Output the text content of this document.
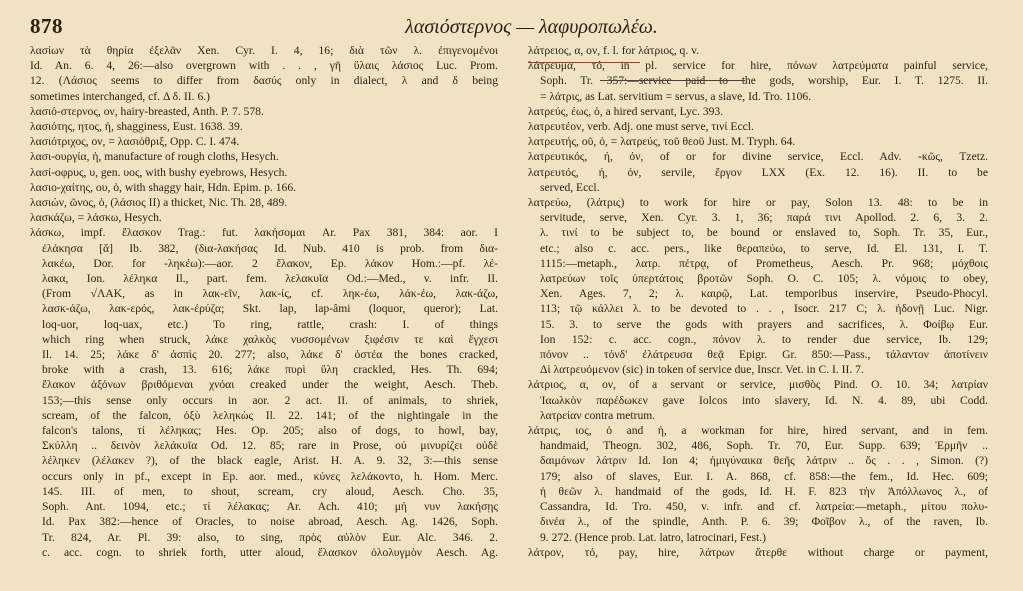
878	λασιόστερνος — λαφυροπωλέω.
λασίων τὰ θηρία ἐξελᾶν Xen. Cyr. I. 4, 16; διὰ τῶν λ. ἐπιγενομένοι
Id. An. 6. 4, 26:—also overgrown with . . , γῆ ὕλαις λάσιος Luc. Prom.
12. (Λάσιος seems to differ from δασύς only in dialect, λ and δ being
sometimes interchanged, cf. Δ δ. II. 6.)
λασιό-στερνος, ον, hairy-breasted, Anth. P. 7. 578.
λασιότης, ητος, ἡ, shagginess, Eust. 1638. 39.
λασιότριχος, ον, = λασιόθριξ, Opp. C. I. 474.
λασι-ουργία, ἡ, manufacture of rough cloths, Hesych.
λασί-οφρυς, υ, gen. υος, with bushy eyebrows, Hesych.
λασιο-χαίτης, ου, ὁ, with shaggy hair, Hdn. Epim. p. 166.
λασιών, ῶνος, ὁ, (λάσιος II) a thicket, Nic. Th. 28, 489.
λασκάζω, = λάσκω, Hesych.
λάσκω, impf. ἔλασκον Trag.: fut. λακήσομαι Ar. Pax 381, 384: aor. I
ἐλάκησα [ᾰ] Ib. 382, (δια-λακήσας Id. Nub. 410 is prob. from δια-
λακέω, Dor. for -ληκέω):—aor. 2 ἔλακον, Ep. λάκον Hom.:—pf. λέ-
λακα, Ion. λέληκα Il., part. fem. λελακυῖα Od.:—Med., v. infr. II.
(From √ΛΑΚ, as in λακ-εῖν, λακ-ίς, cf. ληκ-έω, λάκ-έω, λακ-άζω,
λασκ-άζω, λακ-ερός, λακ-έρύζα; Skt. lap, lap-âmi (loquor, queror); Lat.
loq-uor, loq-uax, etc.) To ring, rattle, crash: I. of things
which ring when struck, λάκε χαλκὸς νυσσομένων ξιφέσιν τε καὶ ἔγχεσι
Il. 14. 25; λάκε δ' ἀσπὶς 20. 277; also, λάκε δ' ὀστέα the bones cracked,
broke with a crash, 13. 616; λάκε πυρὶ ὕλη crackled, Hes. Th. 694;
ἔλακον ἀξόνων βριθόμεναι χνόαι creaked under the weight, Aesch. Theb.
153;—this sense only occurs in aor. 2 act. II. of animals, to shriek,
scream, of the falcon, ὀξὺ λεληκὼς Il. 22. 141; of the nightingale in the
falcon's talons, τί λέληκας; Hes. Op. 205; also of dogs, to howl, bay,
Σκύλλη .. δεινὸν λελάκυῖα Od. 12. 85; rare in Prose, οὐ μινυρίζει οὐδὲ
λέληκεν (λέλακεν ?), of the black eagle, Arist. H. A. 9. 32, 3:—this sense
occurs only in pf., except in Ep. aor. med., κύνες λελάκοντο, h. Hom. Merc.
145. III. of men, to shout, scream, cry aloud, Aesch. Cho. 35,
Soph. Ant. 1094, etc.; τί λέλακας; Ar. Ach. 410; μή νυν λακήσῃς
Id. Pax 382:—hence of Oracles, to noise abroad, Aesch. Ag. 1426, Soph.
Tr. 824, Ar. Pl. 39: also, to sing, πρὸς αὐλὸν Eur. Alc. 346. 2.
c. acc. cogn. to shriek forth, utter aloud, ἔλασκον ὀλολυγμὸν Aesch. Ag.
λάτρειος, α, ον, f. l. for λάτριος, q. v.
λάτρευμα, τό, in pl. service for hire, πόνων λατρεύματα painful service,
Soph. Tr. 357:—service paid to the gods, worship, Eur. I. T. 1275. II.
= λάτρις, as Lat. servitium = servus, a slave, Id. Tro. 1106.
λατρεύς, έως, ὁ, a hired servant, Lyc. 393.
λατρευτέον, verb. Adj. one must serve, τινί Eccl.
λατρευτής, οῦ, ὁ, = λατρεύς, τοῦ θεοῦ Just. M. Tryph. 64.
λατρευτικός, ή, όν, of or for divine service, Eccl. Adv. -κῶς, Tzetz.
λατρευτός, ή, όν, servile, ἔργον LXX (Ex. 12. 16). II. to be
served, Eccl.
λατρεύω, (λάτρις) to work for hire or pay, Solon 13. 48: to be in
servitude, serve, Xen. Cyr. 3. 1, 36; παρά τινι Apollod. 2. 6, 3. 2.
λ. τινί to be subject to, be bound or enslaved to, Soph. Tr. 35, Eur.,
etc.; also c. acc. pers., like θεραπεύω, to serve, Id. El. 131, I. T.
1115:—metaph., λατρ. πέτρᾳ, of Prometheus, Aesch. Pr. 968; μόχθοις
λατρεύων τοῖς ὑπερτάτοις βροτῶν Soph. O. C. 105; λ. νόμοις to obey,
Xen. Ages. 7, 2; λ. καιρῷ, Lat. temporibus inservire, Pseudo-Phocyl.
113; τῷ κάλλει λ. to be devoted to . . , Isocr. 217 C; λ. ἡδονῇ Luc. Nigr.
15. 3. to serve the gods with prayers and sacrifices, λ. Φοίβῳ Eur.
Ion 152: c. acc. cogn., πόνον λ. to render due service, Ib. 129;
πόνον .. τόνδ' ἐλάτρευσα θεᾷ Epigr. Gr. 850:—Pass., τάλαντον ἀποτίνειν
Δὶ λατρευόμενον (sic) in token of service due, Inscr. Vet. in C. I. II. 7.
λάτριος, α, ον, of a servant or service, μισθὸς Pind. O. 10. 34; λατρίαν
Ἰαωλκὸν παρέδωκεν gave Iolcos into slavery, Id. N. 4. 89, ubi Codd.
λατρείαν contra metrum.
λάτρις, ιος, ὁ and ἡ, a workman for hire, hired servant, and in fem.
handmaid, Theogn. 302, 486, Soph. Tr. 70, Eur. Supp. 639; Ἑρμῆν ..
δαιμόνων λάτριν Id. Ion 4; ἡμιγύναικα θεῆς λάτριν .. ὅς . . , Simon. (?)
179; also of slaves, Eur. I. A. 868, cf. 858:—the fem., Id. Hec. 609;
ἡ θεῶν λ. handmaid of the gods, Id. H. F. 823 τὴν Ἀπόλλωνος λ., of
Cassandra, Id. Tro. 450, v. infr. and cf. λατρεία:—metaph., μίτου πολυ-
δινέα λ., of the spindle, Anth. P. 6. 39; Φοῖβον λ., of the raven, Ib.
9. 272. (Hence prob. Lat. latro, latrocinari, Fest.)
λάτρον, τό, pay, hire, λάτρων ἄτερθε without charge or payment,
